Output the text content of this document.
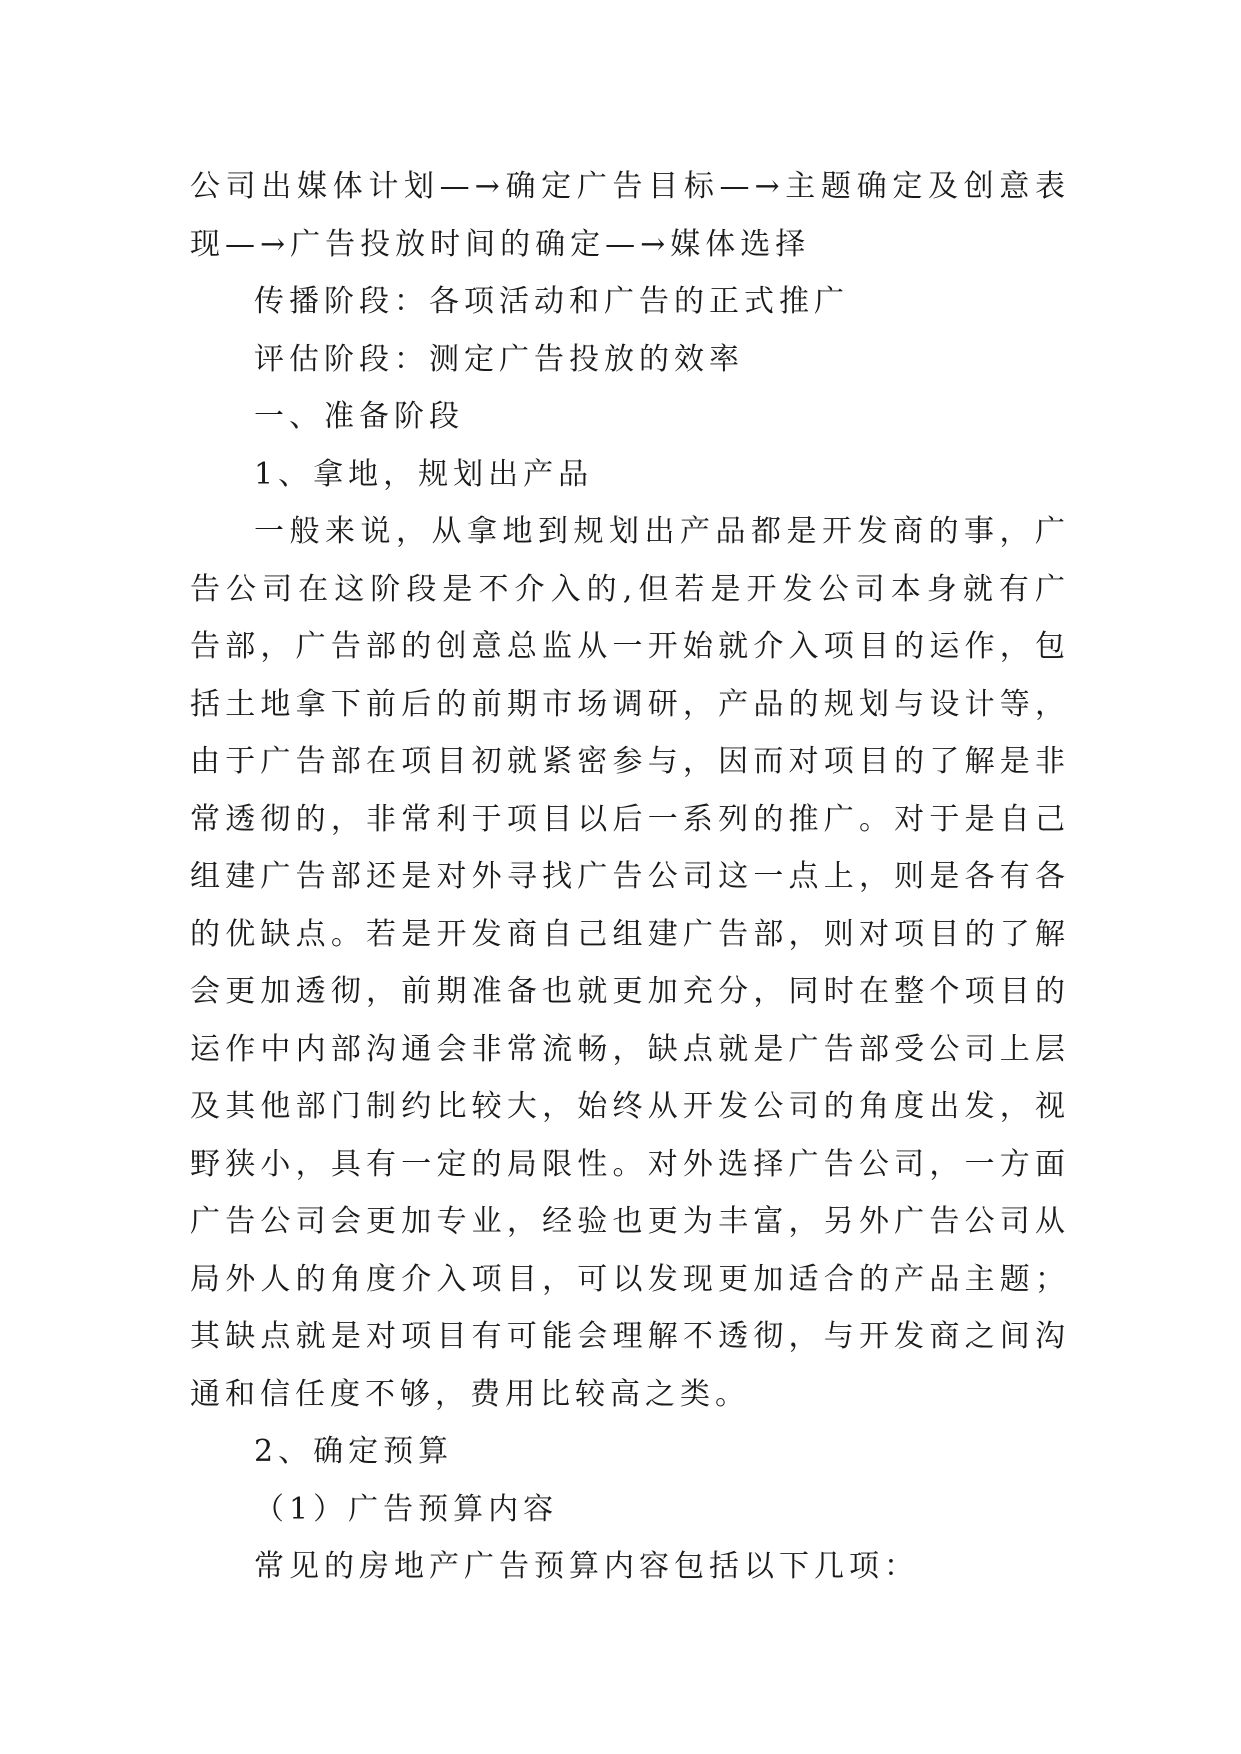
公司出媒体计划—→确定广告目标—→主题确定及创意表现—→广告投放时间的确定—→媒体选择

传播阶段：各项活动和广告的正式推广

评估阶段：测定广告投放的效率

一、准备阶段

1、拿地，规划出产品

一般来说，从拿地到规划出产品都是开发商的事，广告公司在这阶段是不介入的,但若是开发公司本身就有广告部，广告部的创意总监从一开始就介入项目的运作，包括土地拿下前后的前期市场调研，产品的规划与设计等，由于广告部在项目初就紧密参与，因而对项目的了解是非常透彻的，非常利于项目以后一系列的推广。对于是自己组建广告部还是对外寻找广告公司这一点上，则是各有各的优缺点。若是开发商自己组建广告部，则对项目的了解会更加透彻，前期准备也就更加充分，同时在整个项目的运作中内部沟通会非常流畅，缺点就是广告部受公司上层及其他部门制约比较大，始终从开发公司的角度出发，视野狭小，具有一定的局限性。对外选择广告公司，一方面广告公司会更加专业，经验也更为丰富，另外广告公司从局外人的角度介入项目，可以发现更加适合的产品主题；其缺点就是对项目有可能会理解不透彻，与开发商之间沟通和信任度不够，费用比较高之类。

2、确定预算

（1）广告预算内容

常见的房地产广告预算内容包括以下几项：
